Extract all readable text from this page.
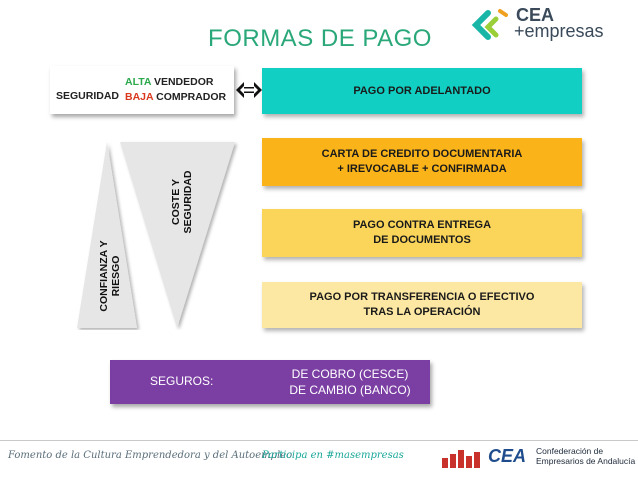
FORMAS DE PAGO
CEA
+empresas
SEGURIDAD
ALTA VENDEDOR
BAJA COMPRADOR
PAGO POR ADELANTADO
CARTA DE CREDITO DOCUMENTARIA
+ IREVOCABLE + CONFIRMADA
PAGO CONTRA ENTREGA
DE DOCUMENTOS
PAGO POR TRANSFERENCIA O EFECTIVO
TRAS LA OPERACIÓN
CONFIANZA Y RIESGO
COSTE Y SEGURIDAD
SEGUROS:	DE COBRO (CESCE)
DE CAMBIO (BANCO)
Fomento de la Cultura Emprendedora y del Autoempleo
Participa en #masempresas	CEA Confederación de
Empresarios de Andalucía
